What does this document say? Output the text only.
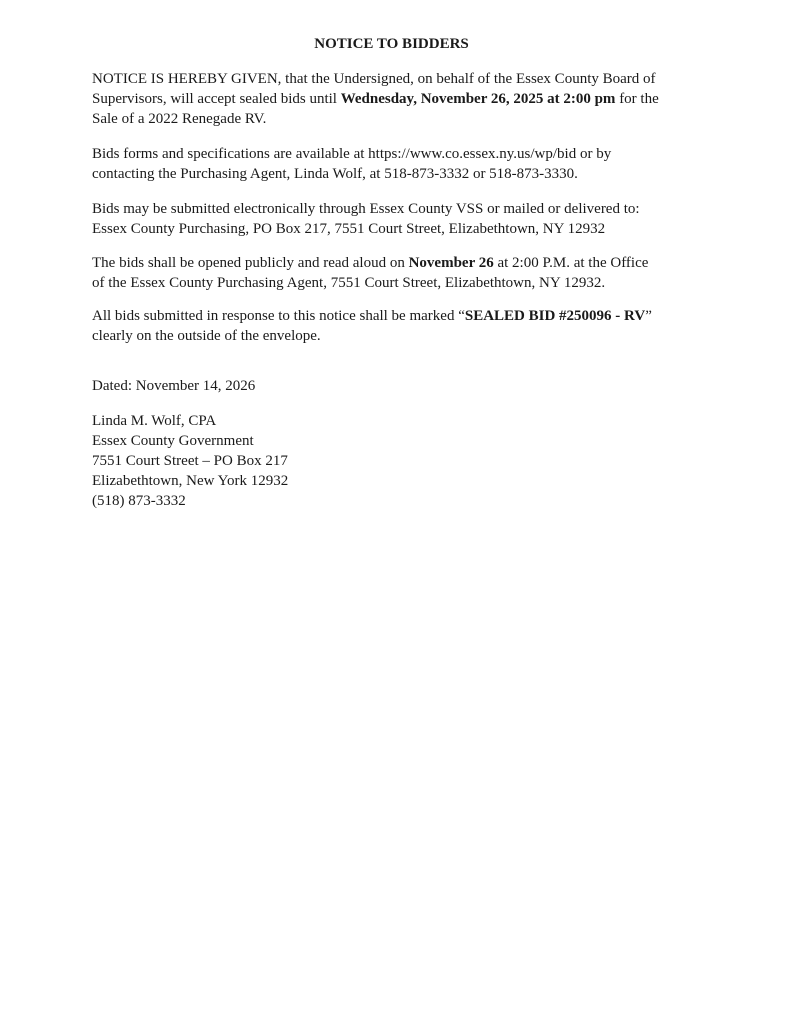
NOTICE TO BIDDERS
NOTICE IS HEREBY GIVEN, that the Undersigned, on behalf of the Essex County Board of
Supervisors, will accept sealed bids until Wednesday, November 26, 2025 at 2:00 pm for the
Sale of a 2022 Renegade RV.
Bids forms and specifications are available at https://www.co.essex.ny.us/wp/bid or by
contacting the Purchasing Agent, Linda Wolf, at 518-873-3332 or 518-873-3330.
Bids may be submitted electronically through Essex County VSS or mailed or delivered to:
Essex County Purchasing, PO Box 217, 7551 Court Street, Elizabethtown, NY 12932
The bids shall be opened publicly and read aloud on November 26 at 2:00 P.M. at the Office
of the Essex County Purchasing Agent, 7551 Court Street, Elizabethtown, NY 12932.
All bids submitted in response to this notice shall be marked “SEALED BID #250096 - RV”
clearly on the outside of the envelope.
Dated: November 14, 2026
Linda M. Wolf, CPA
Essex County Government
7551 Court Street – PO Box 217
Elizabethtown, New York 12932
(518) 873-3332
